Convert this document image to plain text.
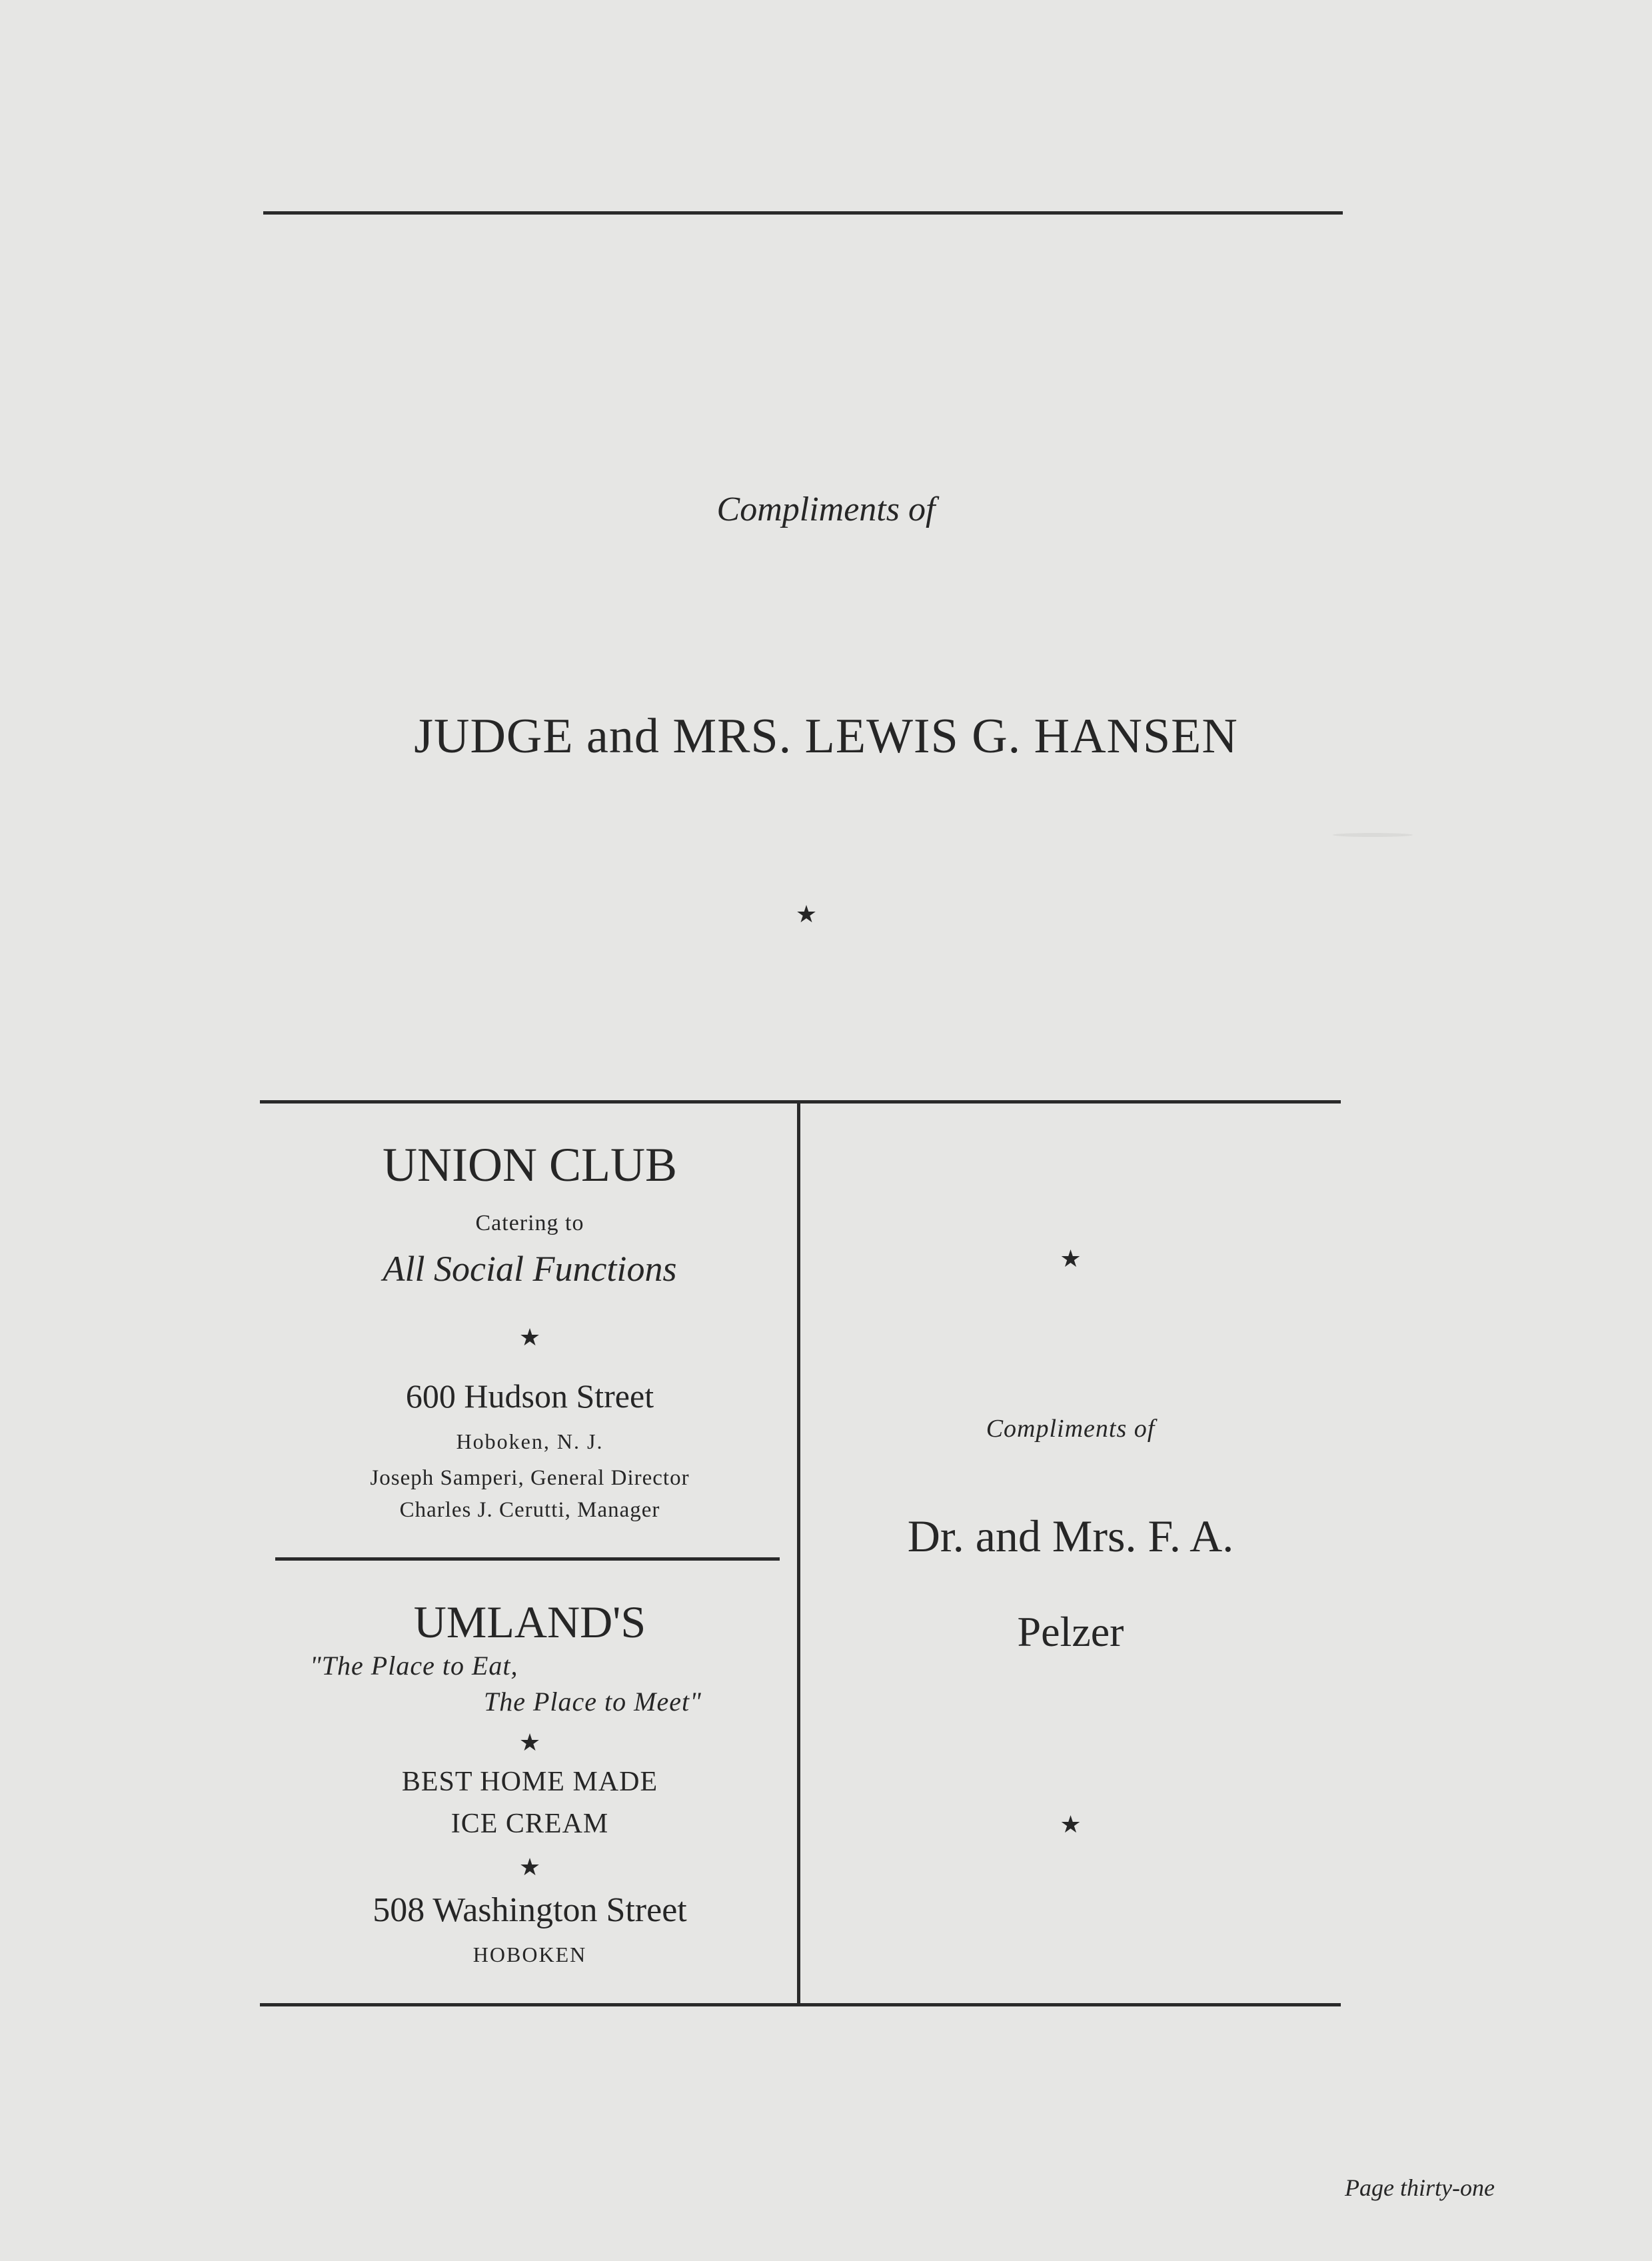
Compliments of
JUDGE and MRS. LEWIS G. HANSEN
★
UNION CLUB
Catering to
All Social Functions
★
600 Hudson Street
Hoboken, N. J.
Joseph Samperi, General Director
Charles J. Cerutti, Manager
UMLAND'S
"The Place to Eat,
The Place to Meet"
★
BEST HOME MADE
ICE CREAM
★
508 Washington Street
HOBOKEN
★
Compliments of
Dr. and Mrs. F. A.
Pelzer
★
Page thirty-one
